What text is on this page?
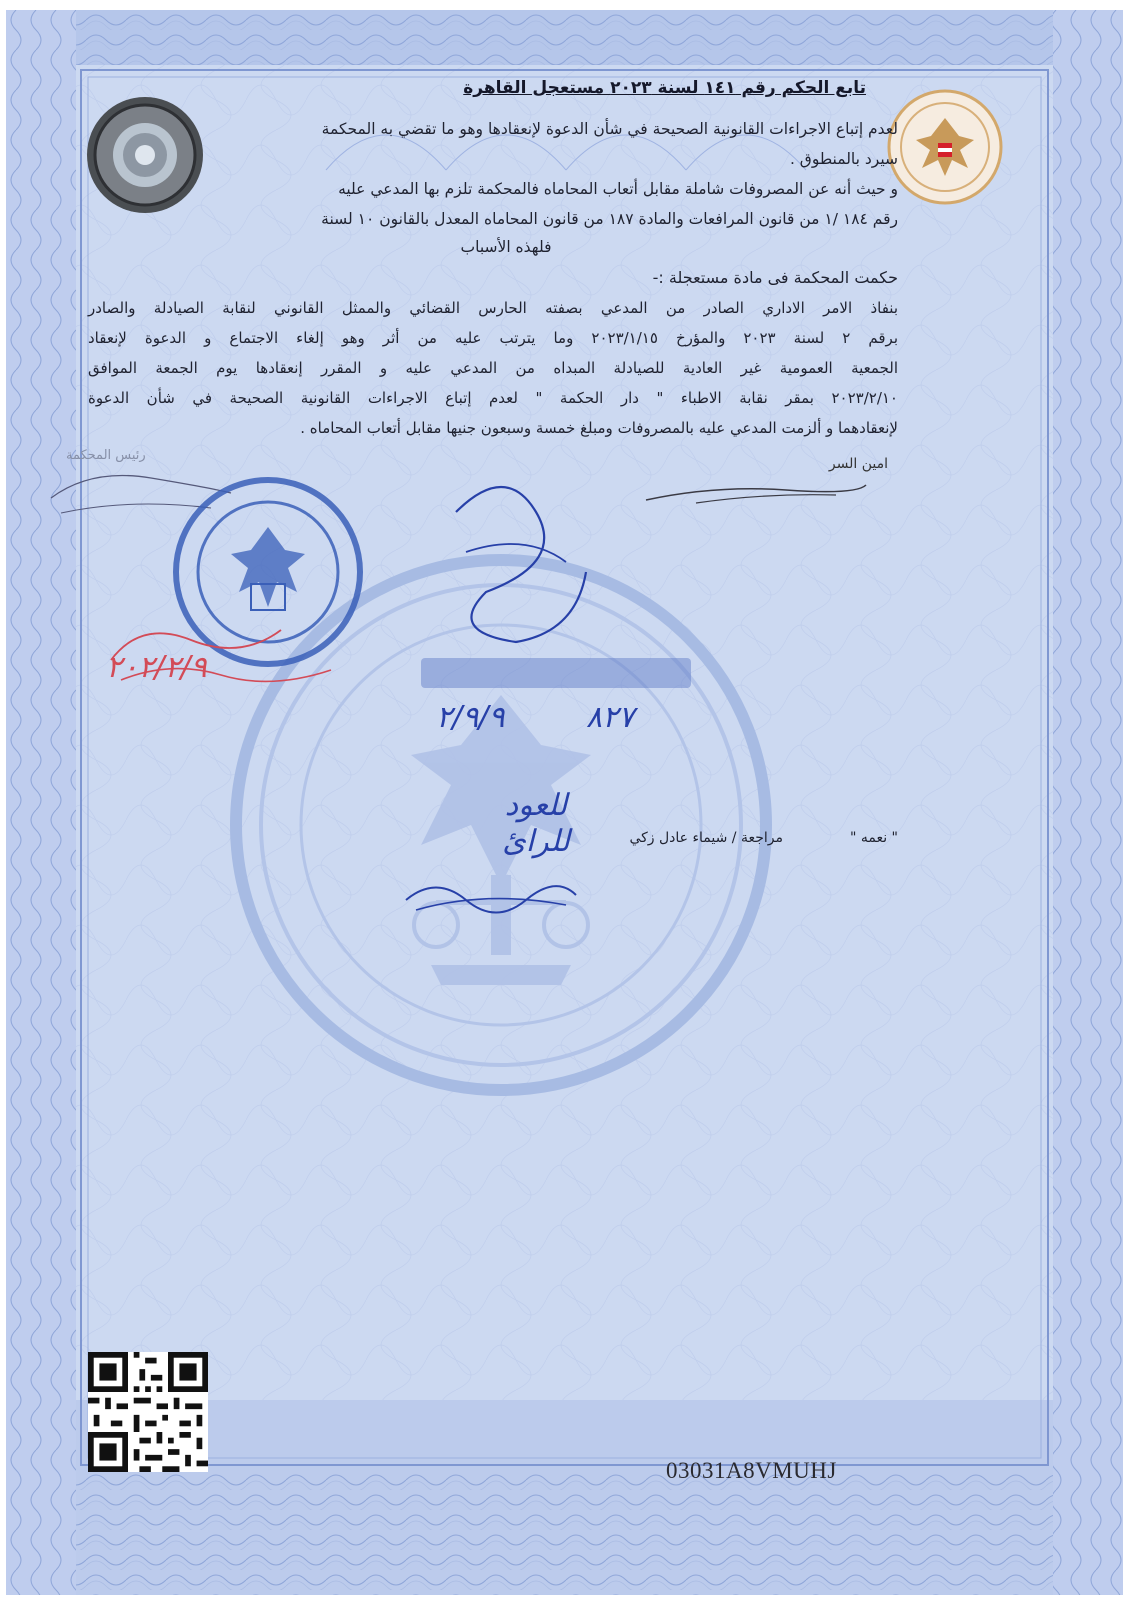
تابع الحكم رقم ١٤١ لسنة ٢٠٢٣ مستعجل القاهرة
لعدم إتباع الاجراءات القانونية الصحيحة في شأن الدعوة لإنعقادها وهو ما تقضي به المحكمة
سيرد بالمنطوق .
و حيث أنه عن المصروفات شاملة مقابل أتعاب المحاماه فالمحكمة تلزم بها المدعي عليه
رقم ١٨٤ /١ من قانون المرافعات والمادة ١٨٧ من قانون المحاماه المعدل بالقانون ١٠ لسنة
فلهذه الأسباب
حكمت المحكمة فى مادة مستعجلة :-
بنفاذ الامر الاداري الصادر من المدعي بصفته الحارس القضائي والممثل القانوني لنقابة الصيادلة والصادر
برقم ٢ لسنة ٢٠٢٣ والمؤرخ ٢٠٢٣/١/١٥ وما يترتب عليه من أثر وهو إلغاء الاجتماع و الدعوة لإنعقاد
الجمعية العمومية غير العادية للصيادلة المبداه من المدعي عليه و المقرر إنعقادها يوم الجمعة الموافق
٢٠٢٣/٢/١٠ بمقر نقابة الاطباء " دار الحكمة " لعدم إتباع الاجراءات القانونية الصحيحة في شأن الدعوة
لإنعقادهما و ألزمت المدعي عليه بالمصروفات ومبلغ خمسة وسبعون جنيها مقابل أتعاب المحاماه .
امين السر
رئيس المحكمة
٢٠٢/٢/٩
٨٢٧
٢/٩/٩
" نعمه "
مراجعة / شيماء عادل زكي
للعود للرائ
03031A8VMUHJ
